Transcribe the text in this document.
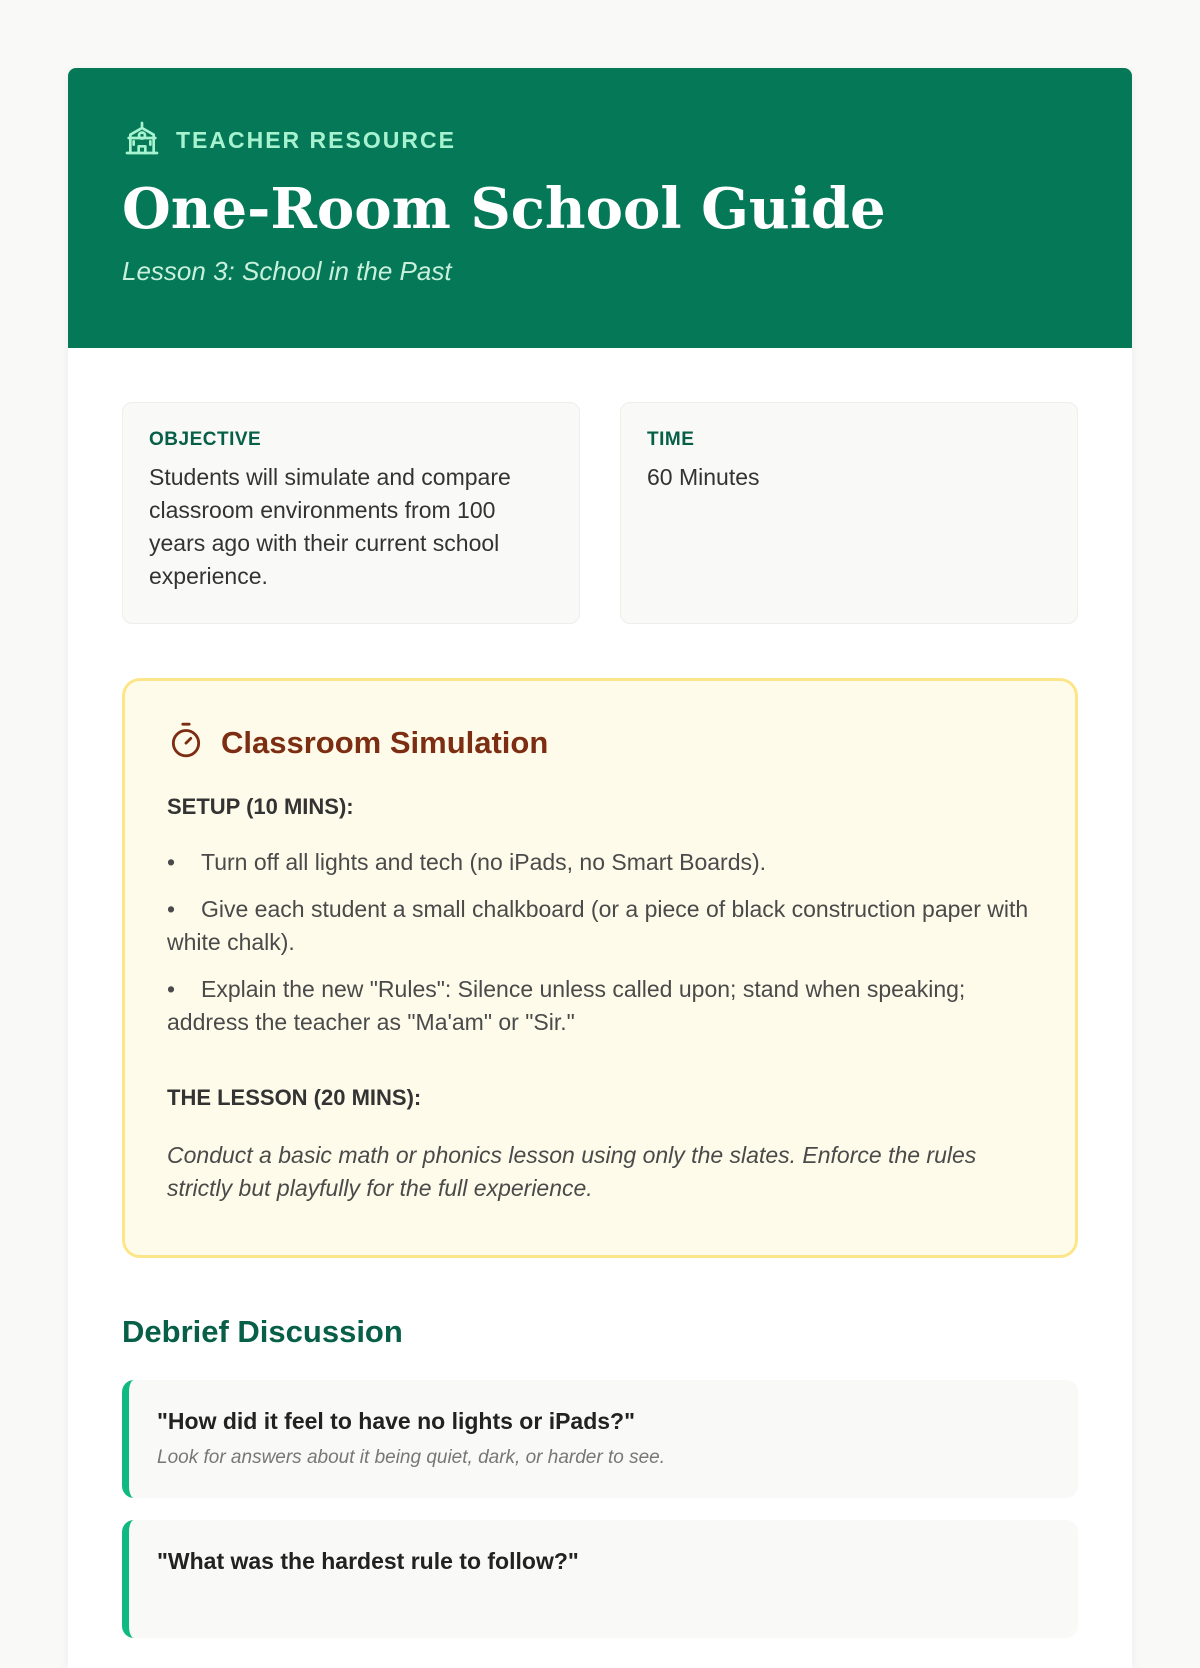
TEACHER RESOURCE
One-Room School Guide
Lesson 3: School in the Past
OBJECTIVE
Students will simulate and compare classroom environments from 100 years ago with their current school experience.
TIME
60 Minutes
Classroom Simulation
SETUP (10 MINS):
• Turn off all lights and tech (no iPads, no Smart Boards).
• Give each student a small chalkboard (or a piece of black construction paper with white chalk).
• Explain the new "Rules": Silence unless called upon; stand when speaking; address the teacher as "Ma'am" or "Sir."
THE LESSON (20 MINS):
Conduct a basic math or phonics lesson using only the slates. Enforce the rules strictly but playfully for the full experience.
Debrief Discussion
"How did it feel to have no lights or iPads?"
Look for answers about it being quiet, dark, or harder to see.
"What was the hardest rule to follow?"
